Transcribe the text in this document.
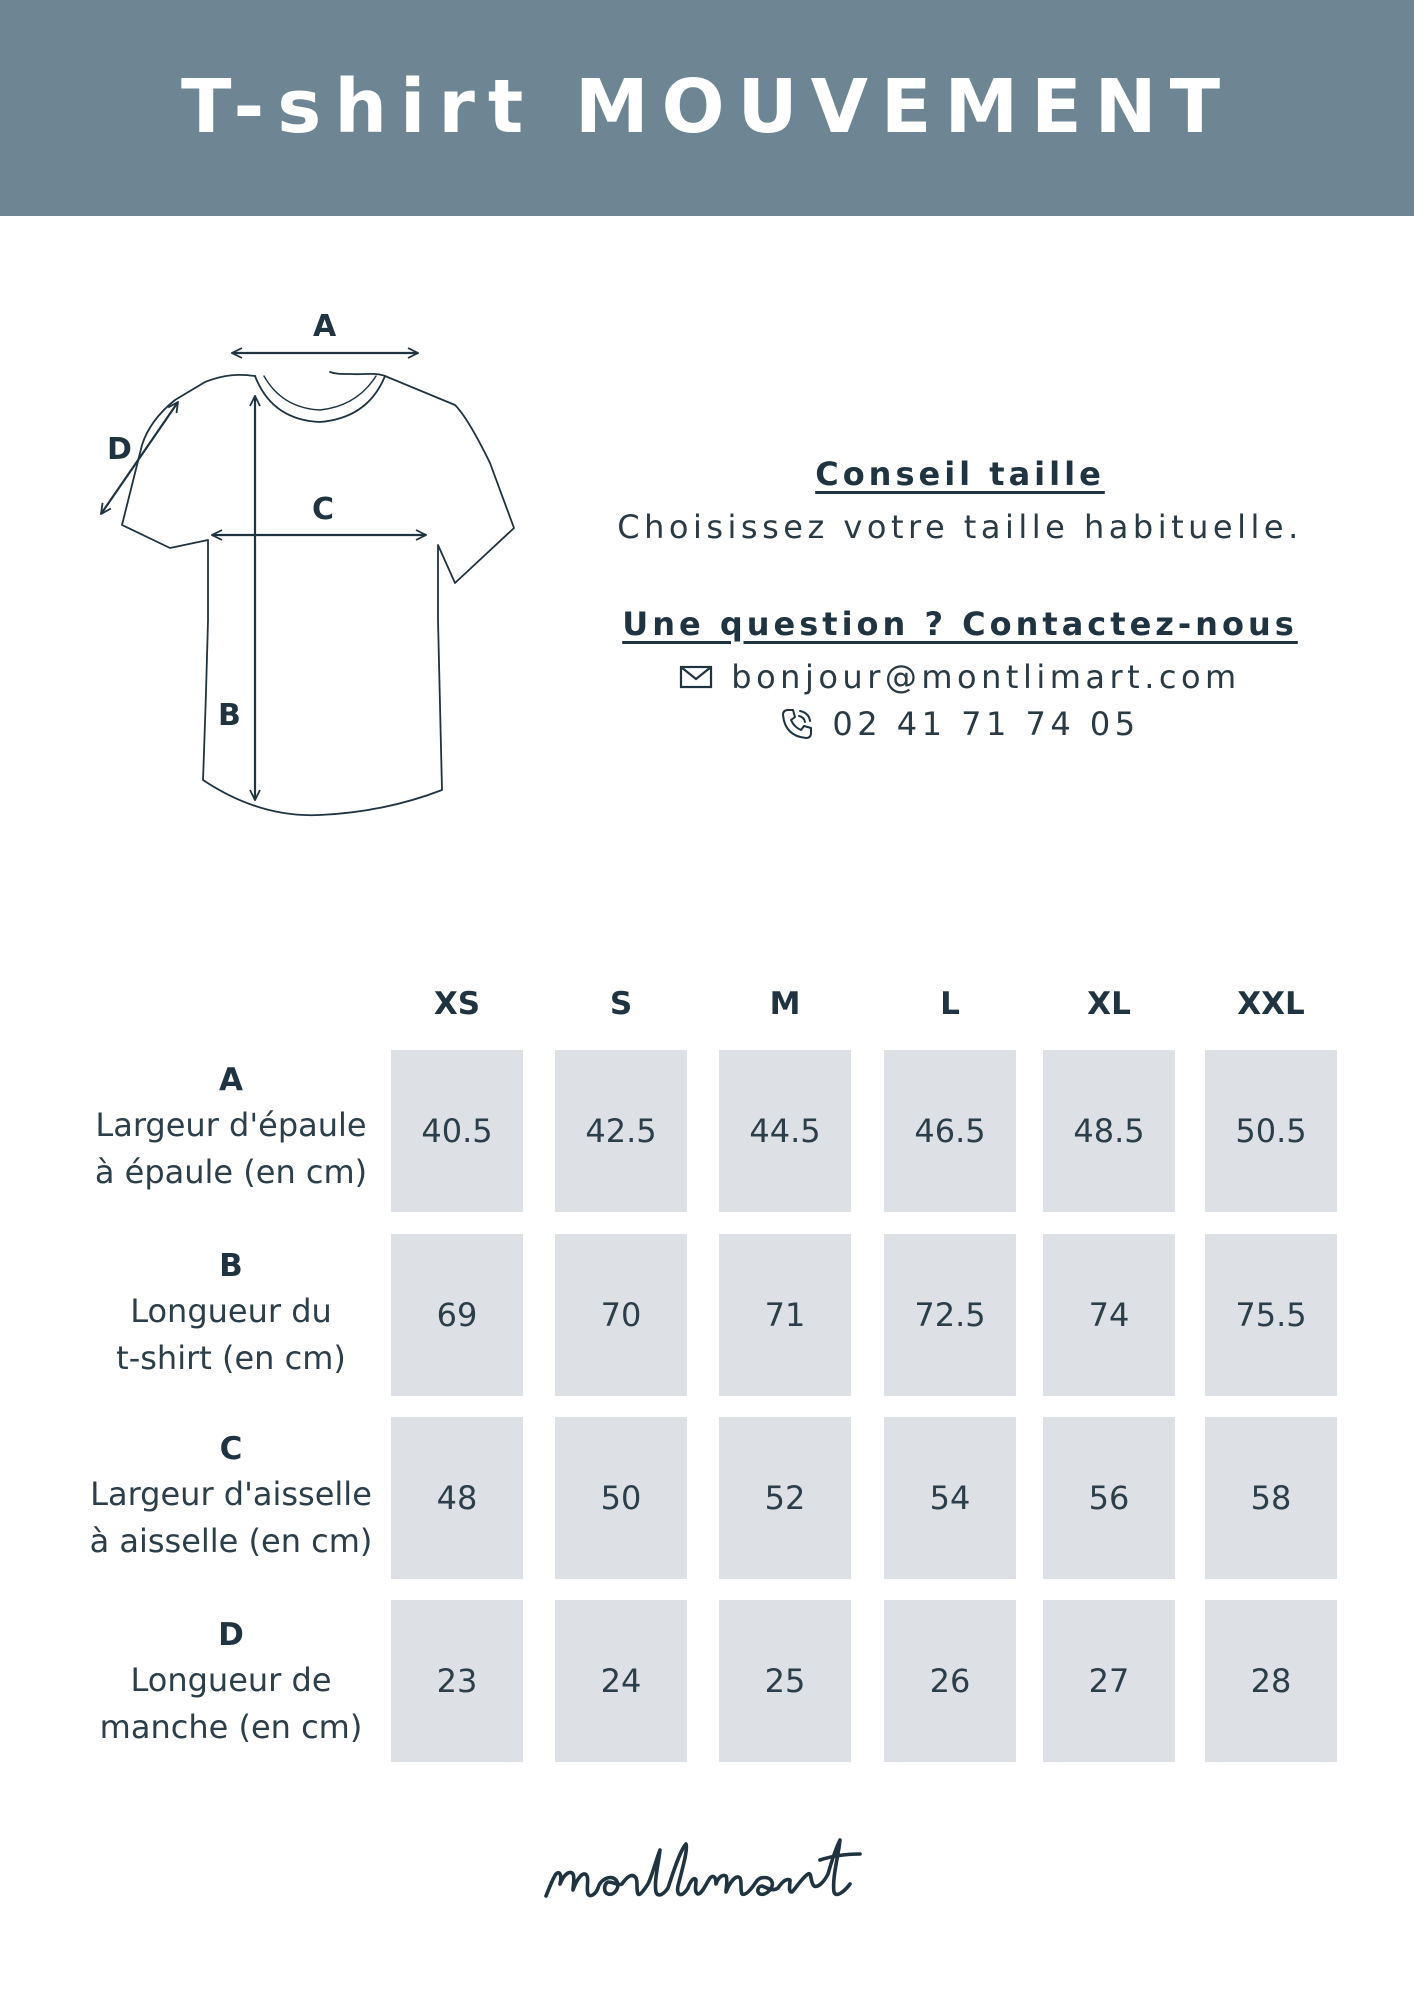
T-shirt MOUVEMENT
A
B
C
D
Conseil taille
Choisissez votre taille habituelle.
Une question ? Contactez-nous
bonjour@montlimart.com
02 41 71 74 05
XS	S	M	L	XL	XXL
A
Largeur d'épaule
à épaule (en cm)
40.5	42.5	44.5	46.5	48.5	50.5
B
Longueur du
t-shirt (en cm)
69	70	71	72.5	74	75.5
C
Largeur d'aisselle
à aisselle (en cm)
48	50	52	54	56	58
D
Longueur de
manche (en cm)
23	24	25	26	27	28
